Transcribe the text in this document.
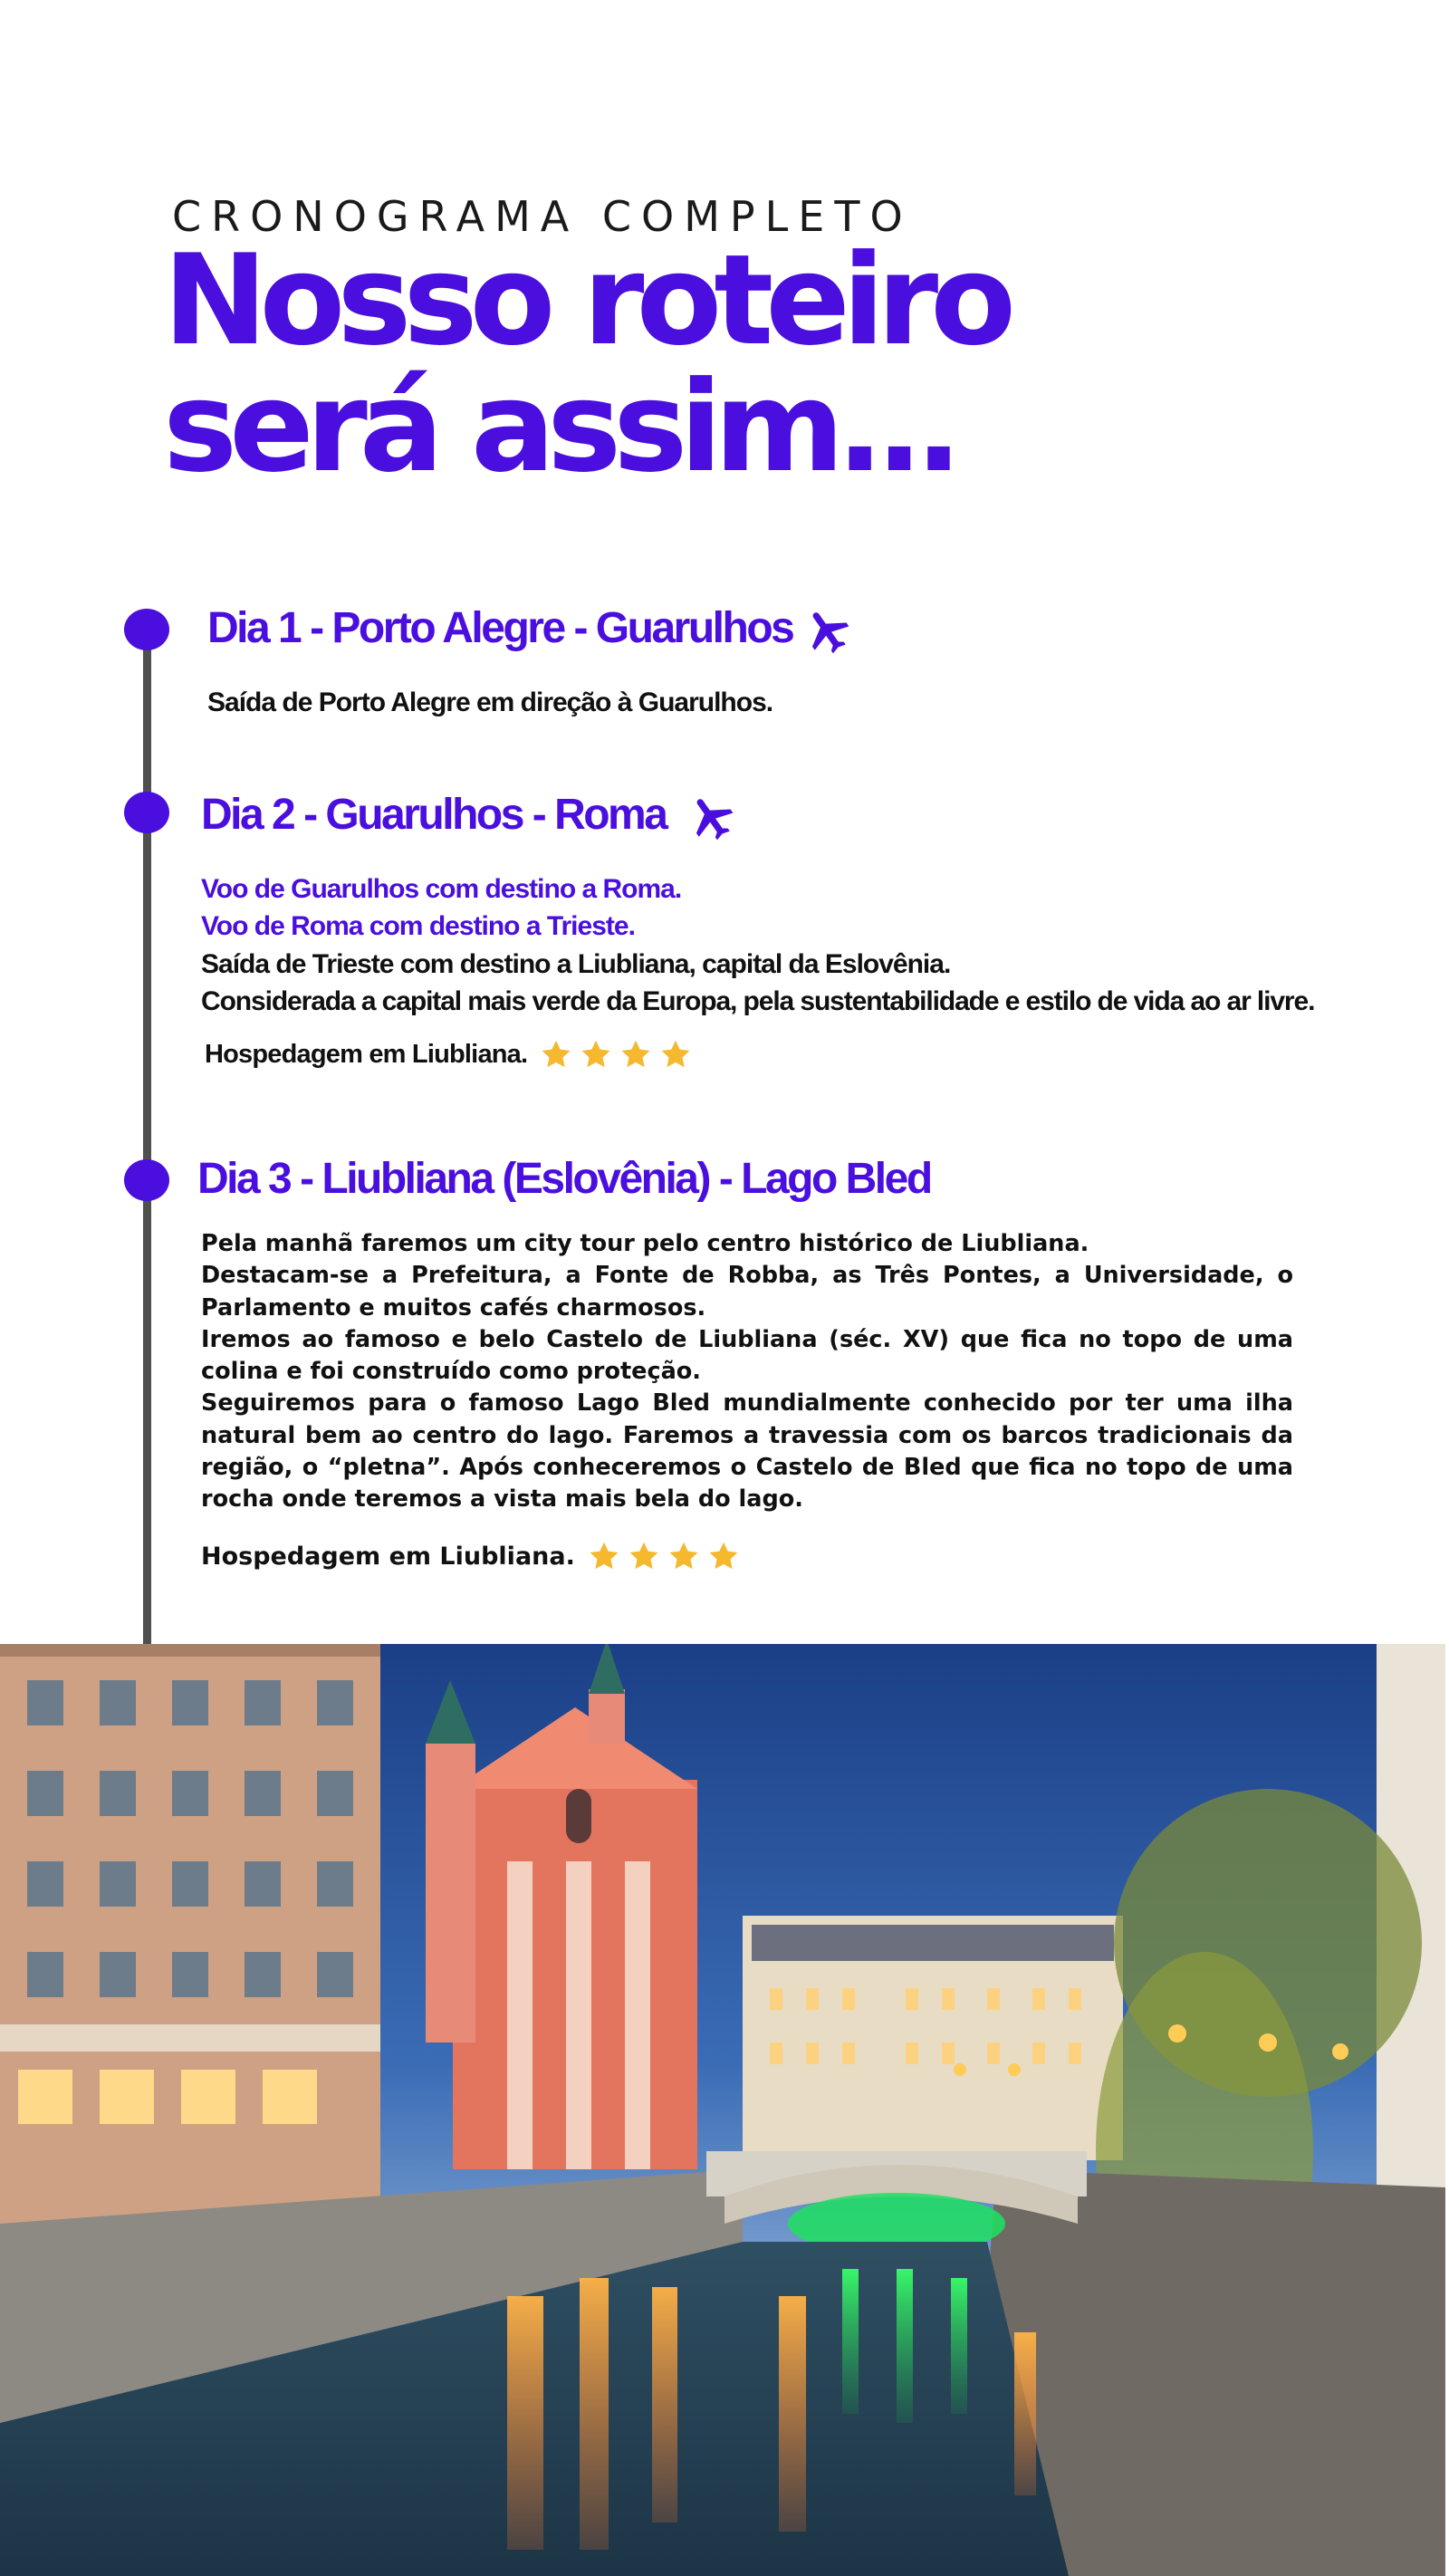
CRONOGRAMA COMPLETO
Nosso roteiro
será assim...
Dia 1 - Porto Alegre - Guarulhos
Saída de Porto Alegre em direção à Guarulhos.
Dia 2 - Guarulhos - Roma
Voo de Guarulhos com destino a Roma.
Voo de Roma com destino a Trieste.
Saída de Trieste com destino a Liubliana, capital da Eslovênia.
Considerada a capital mais verde da Europa, pela sustentabilidade e estilo de vida ao ar livre.
Hospedagem em Liubliana.
Dia 3 - Liubliana (Eslovênia) - Lago Bled
Pela manhã faremos um city tour pelo centro histórico de Liubliana.
Destacam-se a Prefeitura, a Fonte de Robba, as Três Pontes, a Universidade, o Parlamento e muitos cafés charmosos.
Iremos ao famoso e belo Castelo de Liubliana (séc. XV) que fica no topo de uma colina e foi construído como proteção.
Seguiremos para o famoso Lago Bled mundialmente conhecido por ter uma ilha natural bem ao centro do lago. Faremos a travessia com os barcos tradicionais da região, o “pletna”. Após conheceremos o Castelo de Bled que fica no topo de uma rocha onde teremos a vista mais bela do lago.
Hospedagem em Liubliana.
